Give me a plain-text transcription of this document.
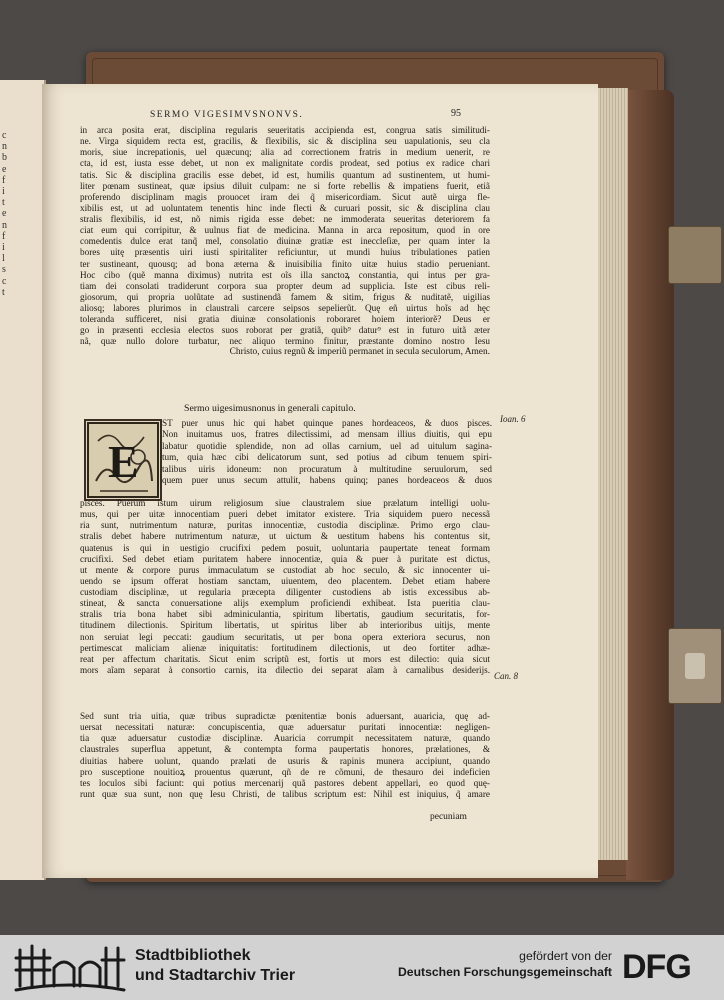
c
n
b
e
f
i
t
e
n
f
i
l
s
c
t
SERMO VIGESIMVSNONVS.	95
in arca posita erat, disciplina regularis seueritatis accipienda est, congrua satis similitudi-
ne. Virga siquidem recta est, gracilis, & flexibilis, sic & disciplina seu uapulationis, seu cla
moris, siue increpationis, uel quæcunq; alia ad correctionem fratris in medium uenerit, re
cta, id est, iusta esse debet, ut non ex malignitate cordis prodeat, sed potius ex radice chari
tatis. Sic & disciplina gracilis esse debet, id est, humilis quantum ad sustinentem, ut humi-
liter pœnam sustineat, quæ ipsius diluit culpam: ne si forte rebellis & impatiens fuerit, etiã
proferendo disciplinam magis prouocet iram dei q̃ misericordiam. Sicut autẽ uirga fle-
xibilis est, ut ad uoluntatem tenentis hinc inde flecti & curuari possit, sic & disciplina clau
stralis flexibilis, id est, nõ nimis rigida esse debet: ne immoderata seueritas deteriorem fa
ciat eum qui corripitur, & uulnus fiat de medicina. Manna in arca repositum, quod in ore
comedentis dulce erat tanq̃ mel, consolatio diuinæ gratiæ est ineccleſiæ, per quam inter la
bores uitę præsentis uiri iusti spiritaliter reficiuntur, ut mundi huius tribulationes patien
ter sustineant, quousq; ad bona æterna & inuisibilia finito uitæ huius stadio perueniant.
Hoc cibo (quẽ manna diximus) nutrita est oĩs illa sanctoꝝ constantia, qui intus per gra-
tiam dei consolati tradiderunt corpora sua propter deum ad supplicia. Iste est cibus reli-
giosorum, qui propria uolũtate ad sustinendã famem & sitim, frigus & nuditatẽ, uigilias
aliosq; labores plurimos in claustrali carcere seipsos sepelierũt. Quę eñ uirtus hoĩs ad hęc
toleranda sufficeret, nisi gratia diuinæ consolationis roboraret hoiem interiorẽ? Deus er
go in præsenti ecclesia electos suos roborat per gratiã, quib⁹ datur⁹ est in futuro uitã æter
nã, quæ nullo dolore turbatur, nec aliquo termino finitur, præstante domino nostro Iesu
Christo, cuius regnũ & imperiũ permanet in secula seculorum, Amen.
Sermo uigesimusnonus in generali capitulo.
E
ST puer unus hic qui habet quinque panes hordeaceos, & duos pisces.
Non inuitamus uos, fratres dilectissimi, ad mensam illius diuitis, qui epu
labatur quotidie splendide, non ad ollas carnium, uel ad uitulum sagina-
tum, quia hæc cibi delicatorum sunt, sed potius ad cibum tenuem spiri-
talibus uiris idoneum: non procuratum à multitudine seruulorum, sed
quem puer unus secum attulit, habens quinq; panes hordeaceos & duos
pisces. Puerum istum uirum religiosum siue claustralem siue prælatum intelligi uolu-
mus, qui per uitæ innocentiam pueri debet imitator existere. Tria siquidem puero necessã
ria sunt, nutrimentum naturæ, puritas innocentiæ, custodia disciplinæ. Primo ergo clau-
stralis debet habere nutrimentum naturæ, ut uictum & uestitum habens his contentus sit,
quatenus is qui in uestigio crucifixi pedem posuit, uoluntaria paupertate teneat formam
crucifixi. Sed debet etiam puritatem habere innocentiæ, quia & puer à puritate est dictus,
ut mente & corpore purus immaculatum se custodiat ab hoc seculo, & sic innocenter ui-
uendo se ipsum offerat hostiam sanctam, uiuentem, deo placentem. Debet etiam habere
custodiam disciplinæ, ut regularia præcepta diligenter custodiens ab istis excessibus ab-
stineat, & sancta conuersatione alijs exemplum proficiendi exhibeat. Ista pueritia clau-
stralis tria bona habet sibi adminiculantia, spiritum libertatis, gaudium securitatis, for-
titudinem dilectionis. Spiritum libertatis, ut spiritus liber ab interioribus uitijs, mente
non seruiat legi peccati: gaudium securitatis, ut per bona opera exteriora securus, non
pertimescat maliciam alienæ iniquitatis: fortitudinem dilectionis, ut deo fortiter adhæ-
reat per affectum charitatis. Sicut enim scriptũ est, fortis ut mors est dilectio: quia sicut
mors aĩam separat à consortio carnis, ita dilectio dei separat aĩam à carnalibus desiderijs.
Sed sunt tria uitia, quæ tribus supradictæ pœnitentiæ bonis aduersant, auaricia, quę ad-
uersat necessitati naturæ: concupiscentia, quæ aduersatur puritati innocentiæ: negligen-
tia quæ aduersatur custodiæ disciplinæ. Auaricia corrumpit necessitatem naturæ, quando
claustrales superflua appetunt, & contempta forma paupertatis honores, prælationes, &
diuitias habere uolunt, quando prælati de usuris & rapinis munera accipiunt, quando
pro susceptione nouitioꝝ prouentus quærunt, qñ de re cõmuni, de thesauro dei indeficien
tes loculos sibi faciunt: qui potius mercenarij quã pastores debent appellari, eo quod quę-
runt quæ sua sunt, non quę Iesu Christi, de talibus scriptum est: Nihil est iniquius, q̃ amare
pecuniam
Ioan. 6
Can. 8
Stadtbibliothek
und Stadtarchiv Trier
gefördert von der
Deutschen Forschungsgemeinschaft DFG
